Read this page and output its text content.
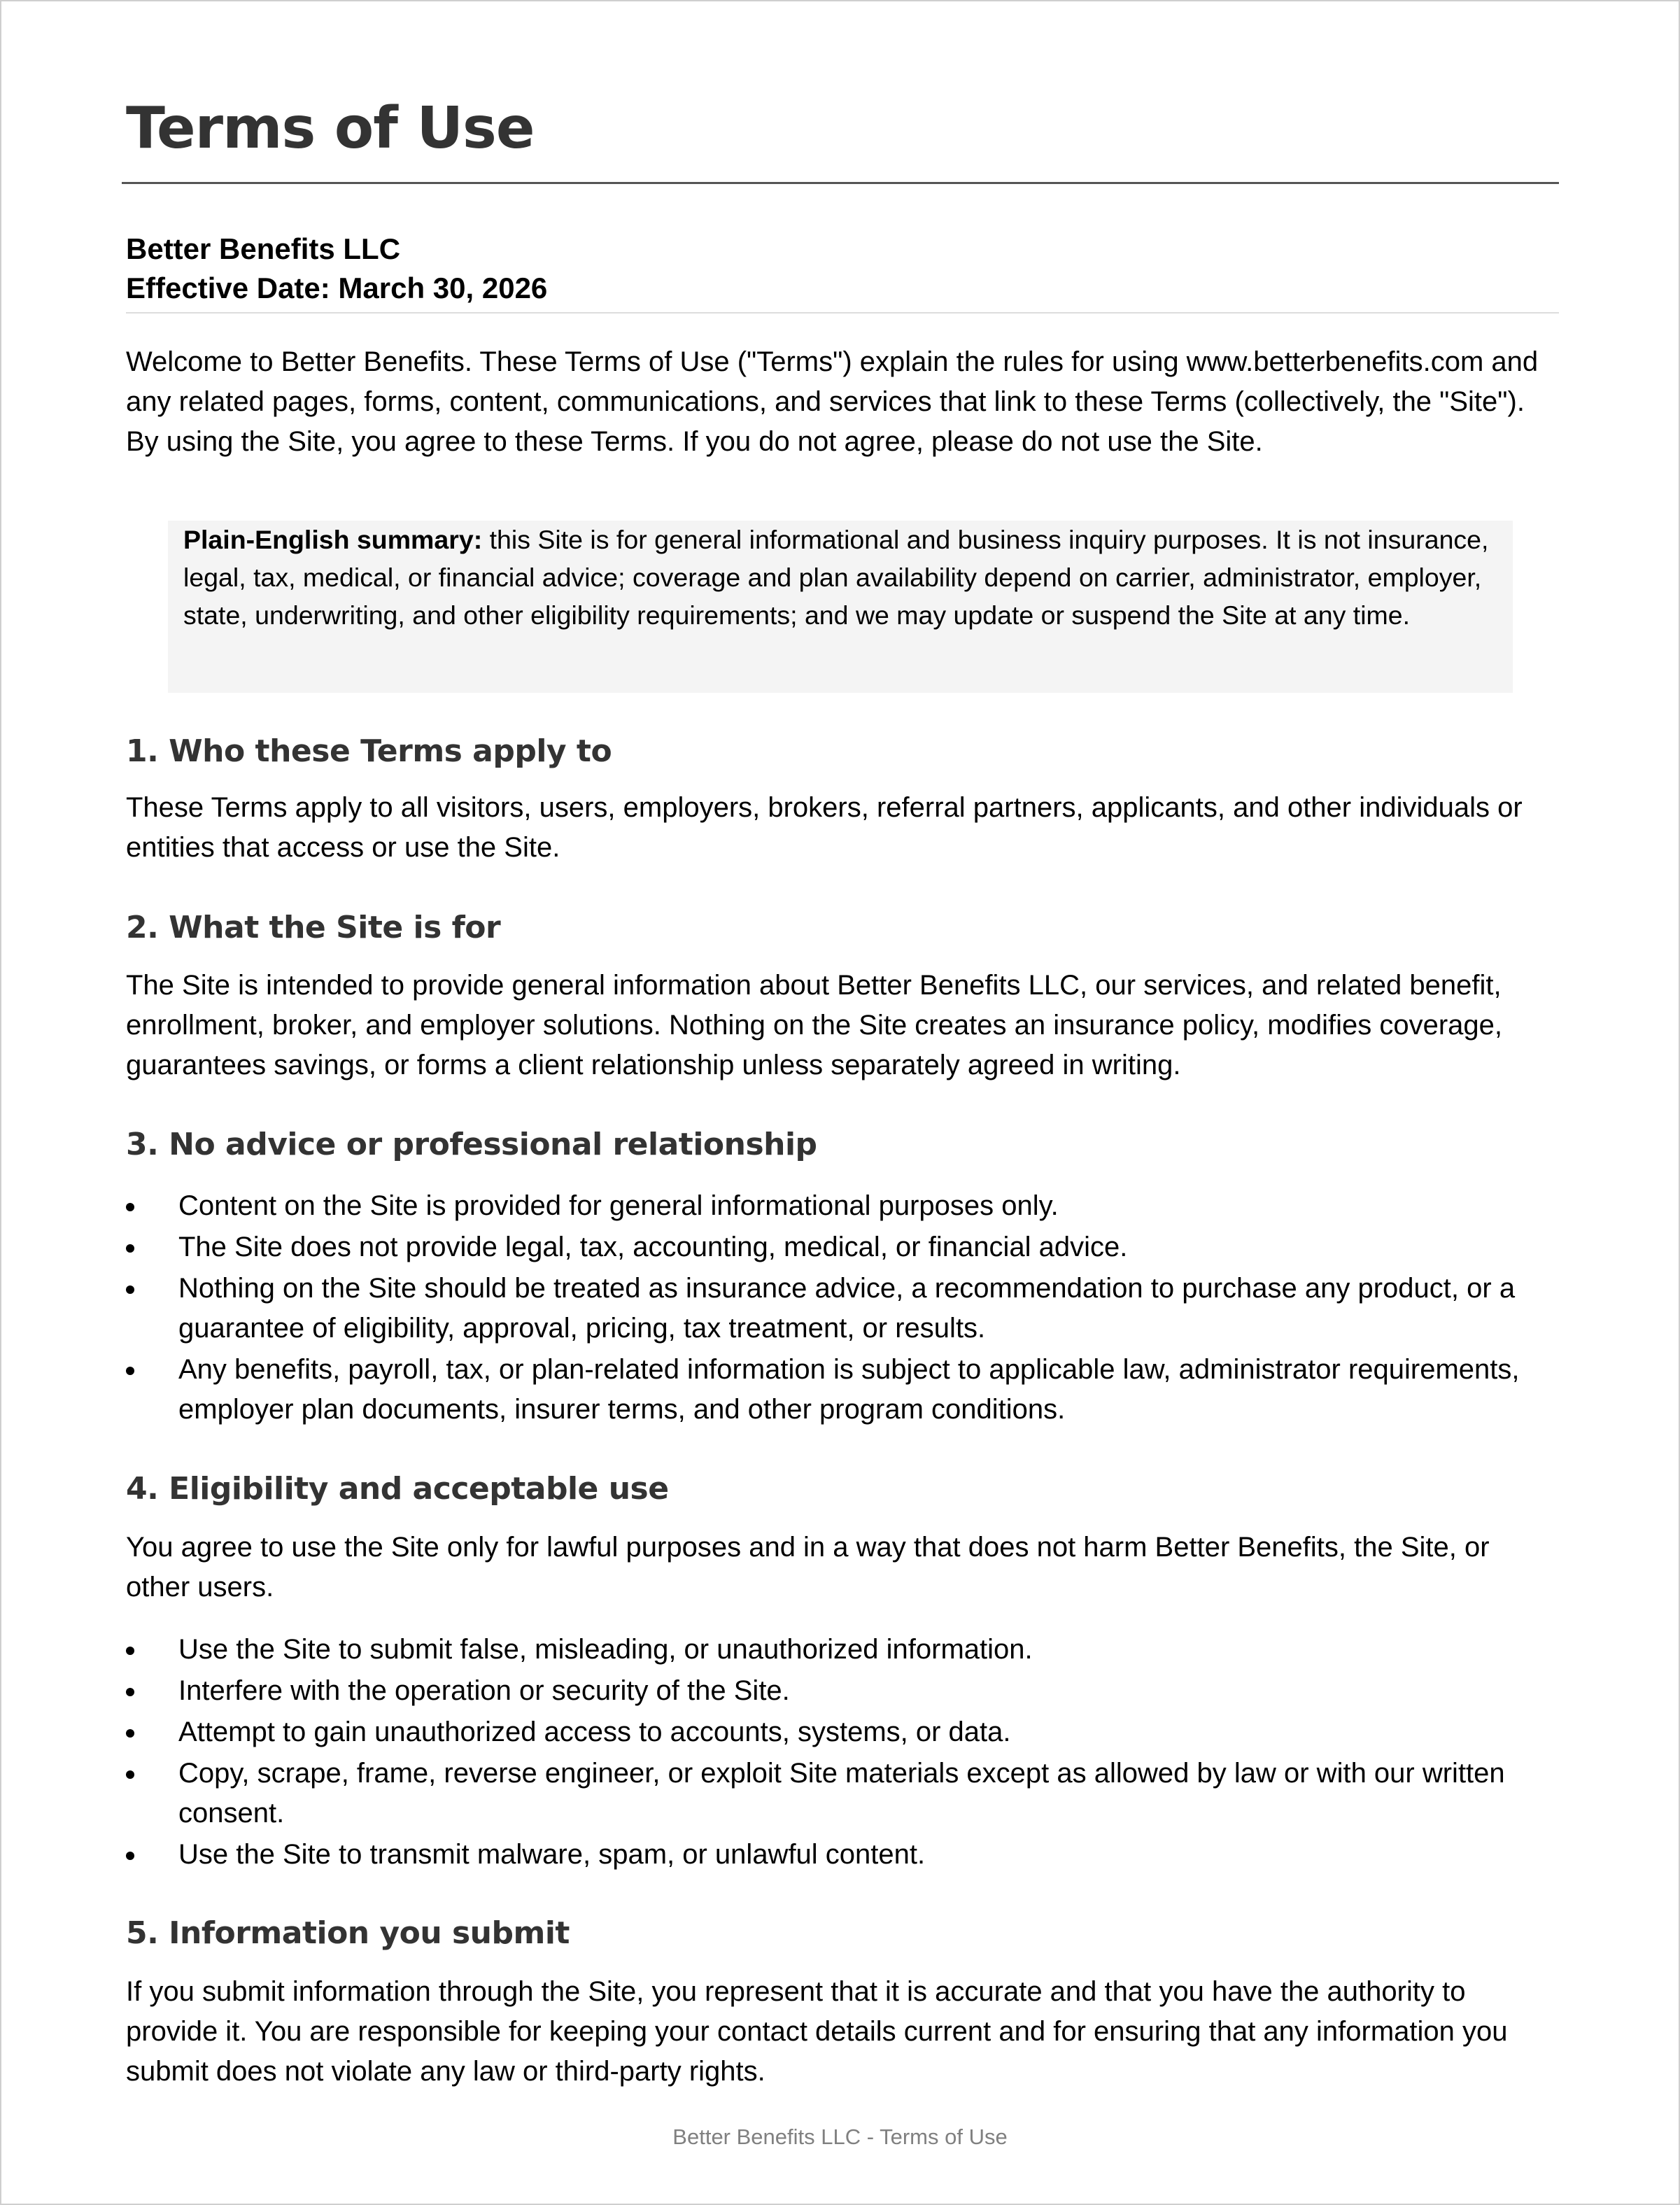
Terms of Use
Better Benefits LLC
Effective Date: March 30, 2026

Welcome to Better Benefits. These Terms of Use ("Terms") explain the rules for using www.betterbenefits.com and any related pages, forms, content, communications, and services that link to these Terms (collectively, the "Site"). By using the Site, you agree to these Terms. If you do not agree, please do not use the Site.

Plain-English summary: this Site is for general informational and business inquiry purposes. It is not insurance, legal, tax, medical, or financial advice; coverage and plan availability depend on carrier, administrator, employer, state, underwriting, and other eligibility requirements; and we may update or suspend the Site at any time.

1. Who these Terms apply to

These Terms apply to all visitors, users, employers, brokers, referral partners, applicants, and other individuals or entities that access or use the Site.

2. What the Site is for

The Site is intended to provide general information about Better Benefits LLC, our services, and related benefit, enrollment, broker, and employer solutions. Nothing on the Site creates an insurance policy, modifies coverage, guarantees savings, or forms a client relationship unless separately agreed in writing.

3. No advice or professional relationship
Content on the Site is provided for general informational purposes only.
The Site does not provide legal, tax, accounting, medical, or financial advice.
Nothing on the Site should be treated as insurance advice, a recommendation to purchase any product, or a guarantee of eligibility, approval, pricing, tax treatment, or results.
Any benefits, payroll, tax, or plan-related information is subject to applicable law, administrator requirements, employer plan documents, insurer terms, and other program conditions.
4. Eligibility and acceptable use

You agree to use the Site only for lawful purposes and in a way that does not harm Better Benefits, the Site, or other users.

Use the Site to submit false, misleading, or unauthorized information.
Interfere with the operation or security of the Site.
Attempt to gain unauthorized access to accounts, systems, or data.
Copy, scrape, frame, reverse engineer, or exploit Site materials except as allowed by law or with our written consent.
Use the Site to transmit malware, spam, or unlawful content.
5. Information you submit

If you submit information through the Site, you represent that it is accurate and that you have the authority to provide it. You are responsible for keeping your contact details current and for ensuring that any information you submit does not violate any law or third-party rights.

Better Benefits LLC - Terms of Use
